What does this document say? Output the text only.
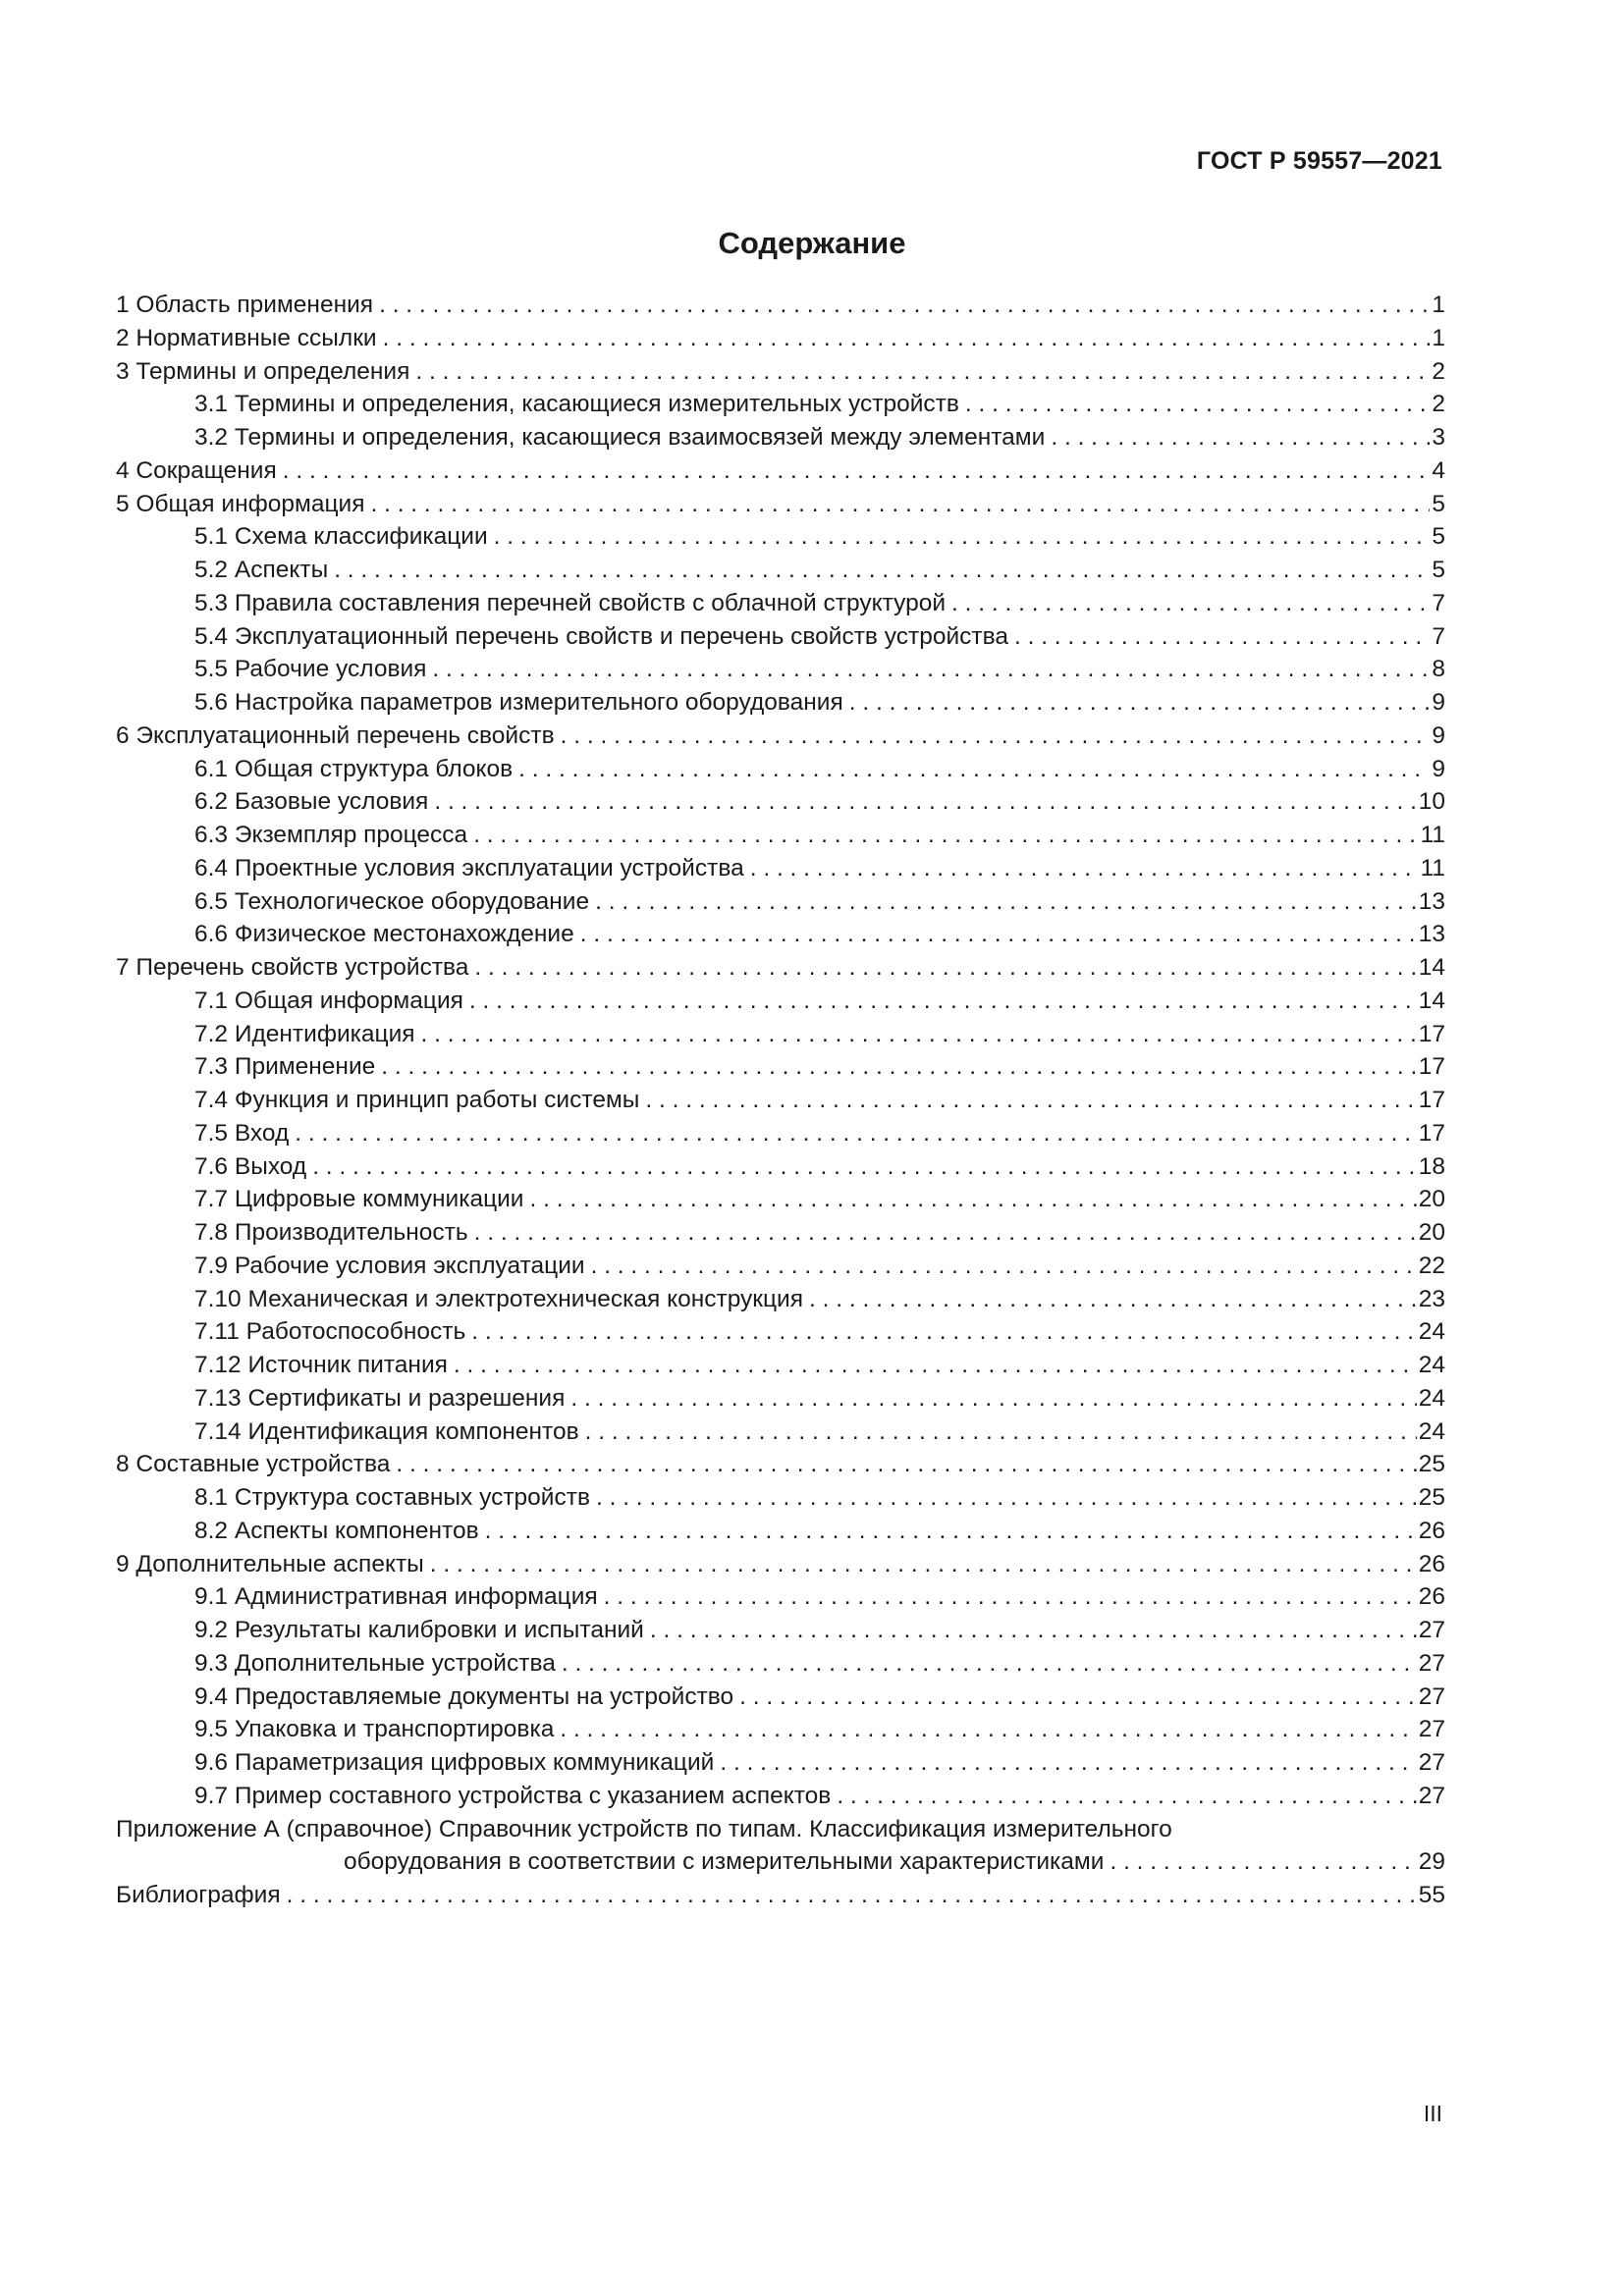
ГОСТ Р 59557—2021
Содержание
1 Область применения . . .	1
2 Нормативные ссылки . . .	1
3 Термины и определения . . .	2
3.1 Термины и определения, касающиеся измерительных устройств . . .	2
3.2 Термины и определения, касающиеся взаимосвязей между элементами . . .	3
4 Сокращения . . .	4
5 Общая информация . . .	5
5.1 Схема классификации . . .	5
5.2 Аспекты . . .	5
5.3 Правила составления перечней свойств с облачной структурой . . .	7
5.4 Эксплуатационный перечень свойств и перечень свойств устройства . . .	7
5.5 Рабочие условия . . .	8
5.6 Настройка параметров измерительного оборудования . . .	9
6 Эксплуатационный перечень свойств . . .	9
6.1 Общая структура блоков . . .	9
6.2 Базовые условия . . .	10
6.3 Экземпляр процесса . . .	11
6.4 Проектные условия эксплуатации устройства . . .	11
6.5 Технологическое оборудование . . .	13
6.6 Физическое местонахождение . . .	13
7 Перечень свойств устройства . . .	14
7.1 Общая информация . . .	14
7.2 Идентификация . . .	17
7.3 Применение . . .	17
7.4 Функция и принцип работы системы . . .	17
7.5 Вход . . .	17
7.6 Выход . . .	18
7.7 Цифровые коммуникации . . .	20
7.8 Производительность . . .	20
7.9 Рабочие условия эксплуатации . . .	22
7.10 Механическая и электротехническая конструкция . . .	23
7.11 Работоспособность . . .	24
7.12 Источник питания . . .	24
7.13 Сертификаты и разрешения . . .	24
7.14 Идентификация компонентов . . .	24
8 Составные устройства . . .	25
8.1 Структура составных устройств . . .	25
8.2 Аспекты компонентов . . .	26
9 Дополнительные аспекты . . .	26
9.1 Административная информация . . .	26
9.2 Результаты калибровки и испытаний . . .	27
9.3 Дополнительные устройства . . .	27
9.4 Предоставляемые документы на устройство . . .	27
9.5 Упаковка и транспортировка . . .	27
9.6 Параметризация цифровых коммуникаций . . .	27
9.7 Пример составного устройства с указанием аспектов . . .	27
Приложение А (справочное) Справочник устройств по типам. Классификация измерительного
оборудования в соответствии с измерительными характеристиками . . .	29
Библиография . . .	55
III
